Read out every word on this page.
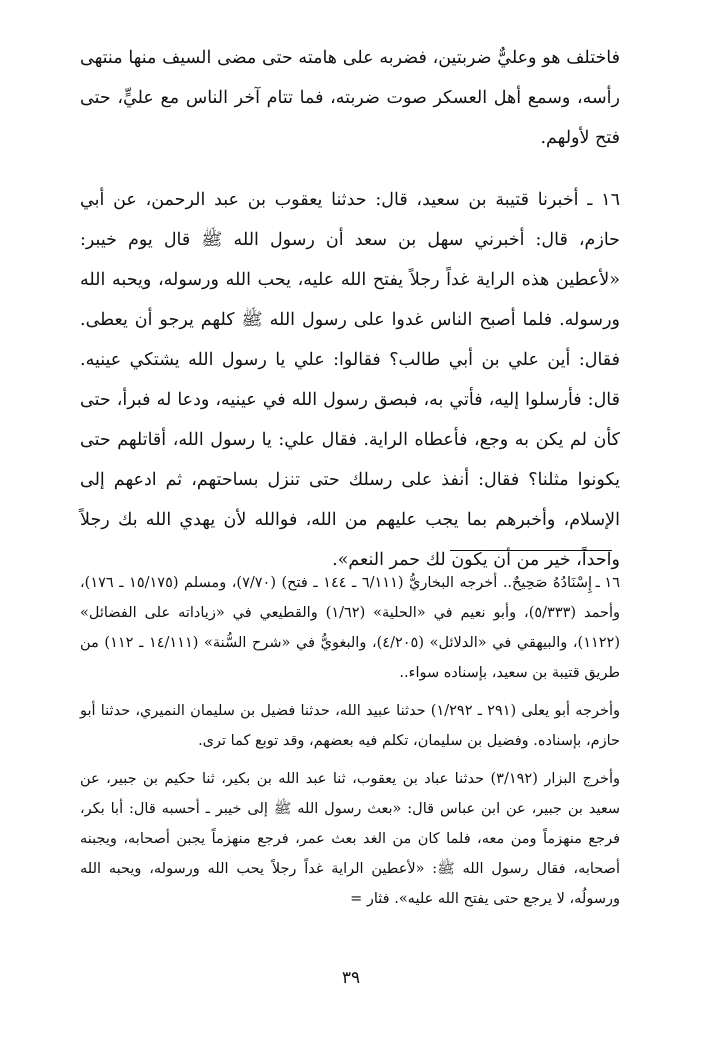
فاختلف هو وعليٌّ ضربتين، فضربه على هامته حتى مضى السيف منها منتهى رأسه، وسمع أهل العسكر صوت ضربته، فما تتام آخر الناس مع عليٍّ، حتى فتح لأولهم.

١٦ ـ أخبرنا قتيبة بن سعيد، قال: حدثنا يعقوب بن عبد الرحمن، عن أبي حازم، قال: أخبرني سهل بن سعد أن رسول الله ﷺ قال يوم خيبر: «لأعطين هذه الراية غداً رجلاً يفتح الله عليه، يحب الله ورسوله، ويحبه الله ورسوله. فلما أصبح الناس غدوا على رسول الله ﷺ كلهم يرجو أن يعطى. فقال: أين علي بن أبي طالب؟ فقالوا: علي يا رسول الله يشتكي عينيه. قال: فأرسلوا إليه، فأتي به، فبصق رسول الله في عينيه، ودعا له فبرأ، حتى كأن لم يكن به وجع، فأعطاه الراية. فقال علي: يا رسول الله، أقاتلهم حتى يكونوا مثلنا؟ فقال: أنفذ على رسلك حتى تنزل بساحتهم، ثم ادعهم إلى الإسلام، وأخبرهم بما يجب عليهم من الله، فوالله لأن يهدي الله بك رجلاً واحداً، خير من أن يكون لك حمر النعم».

١٦ ـإِسْنَادُهُ صَحِيحٌ.. أخرجه البخاريُّ (٦/١١١ ـ ١٤٤ ـ فتح) (٧/٧٠)، ومسلم (١٥/١٧٥ ـ ١٧٦)، وأحمد (٥/٣٣٣)، وأبو نعيم في «الحلية» (١/٦٢) والقطيعي في «زياداته على الفضائل» (١١٢٢)، والبيهقي في «الدلائل» (٤/٢٠٥)، والبغويُّ في «شرح السُّنة» (١٤/١١١ ـ ١١٢) من طريق قتيبة بن سعيد، بإسناده سواء..

وأخرجه أبو يعلى (٢٩١ ـ ١/٢٩٢) حدثنا عبيد الله، حدثنا فضيل بن سليمان النميري، حدثنا أبو حازم، بإسناده. وفضيل بن سليمان، تكلم فيه بعضهم، وقد توبع كما ترى.

وأخرج البزار (٣/١٩٢) حدثنا عباد بن يعقوب، ثنا عبد الله بن بكير، ثنا حكيم بن جبير، عن سعيد بن جبير، عن ابن عباس قال: «بعث رسول الله ﷺ إلى خيبر ـ أحسبه قال: أبا بكر، فرجع منهزماً ومن معه، فلما كان من الغد بعث عمر، فرجع منهزماً يجبن أصحابه، ويجبنه أصحابه، فقال رسول الله ﷺ: «لأعطين الراية غداً رجلاً يحب الله ورسوله، ويحبه الله ورسولُه، لا يرجع حتى يفتح الله عليه». فثار =

٣٩
